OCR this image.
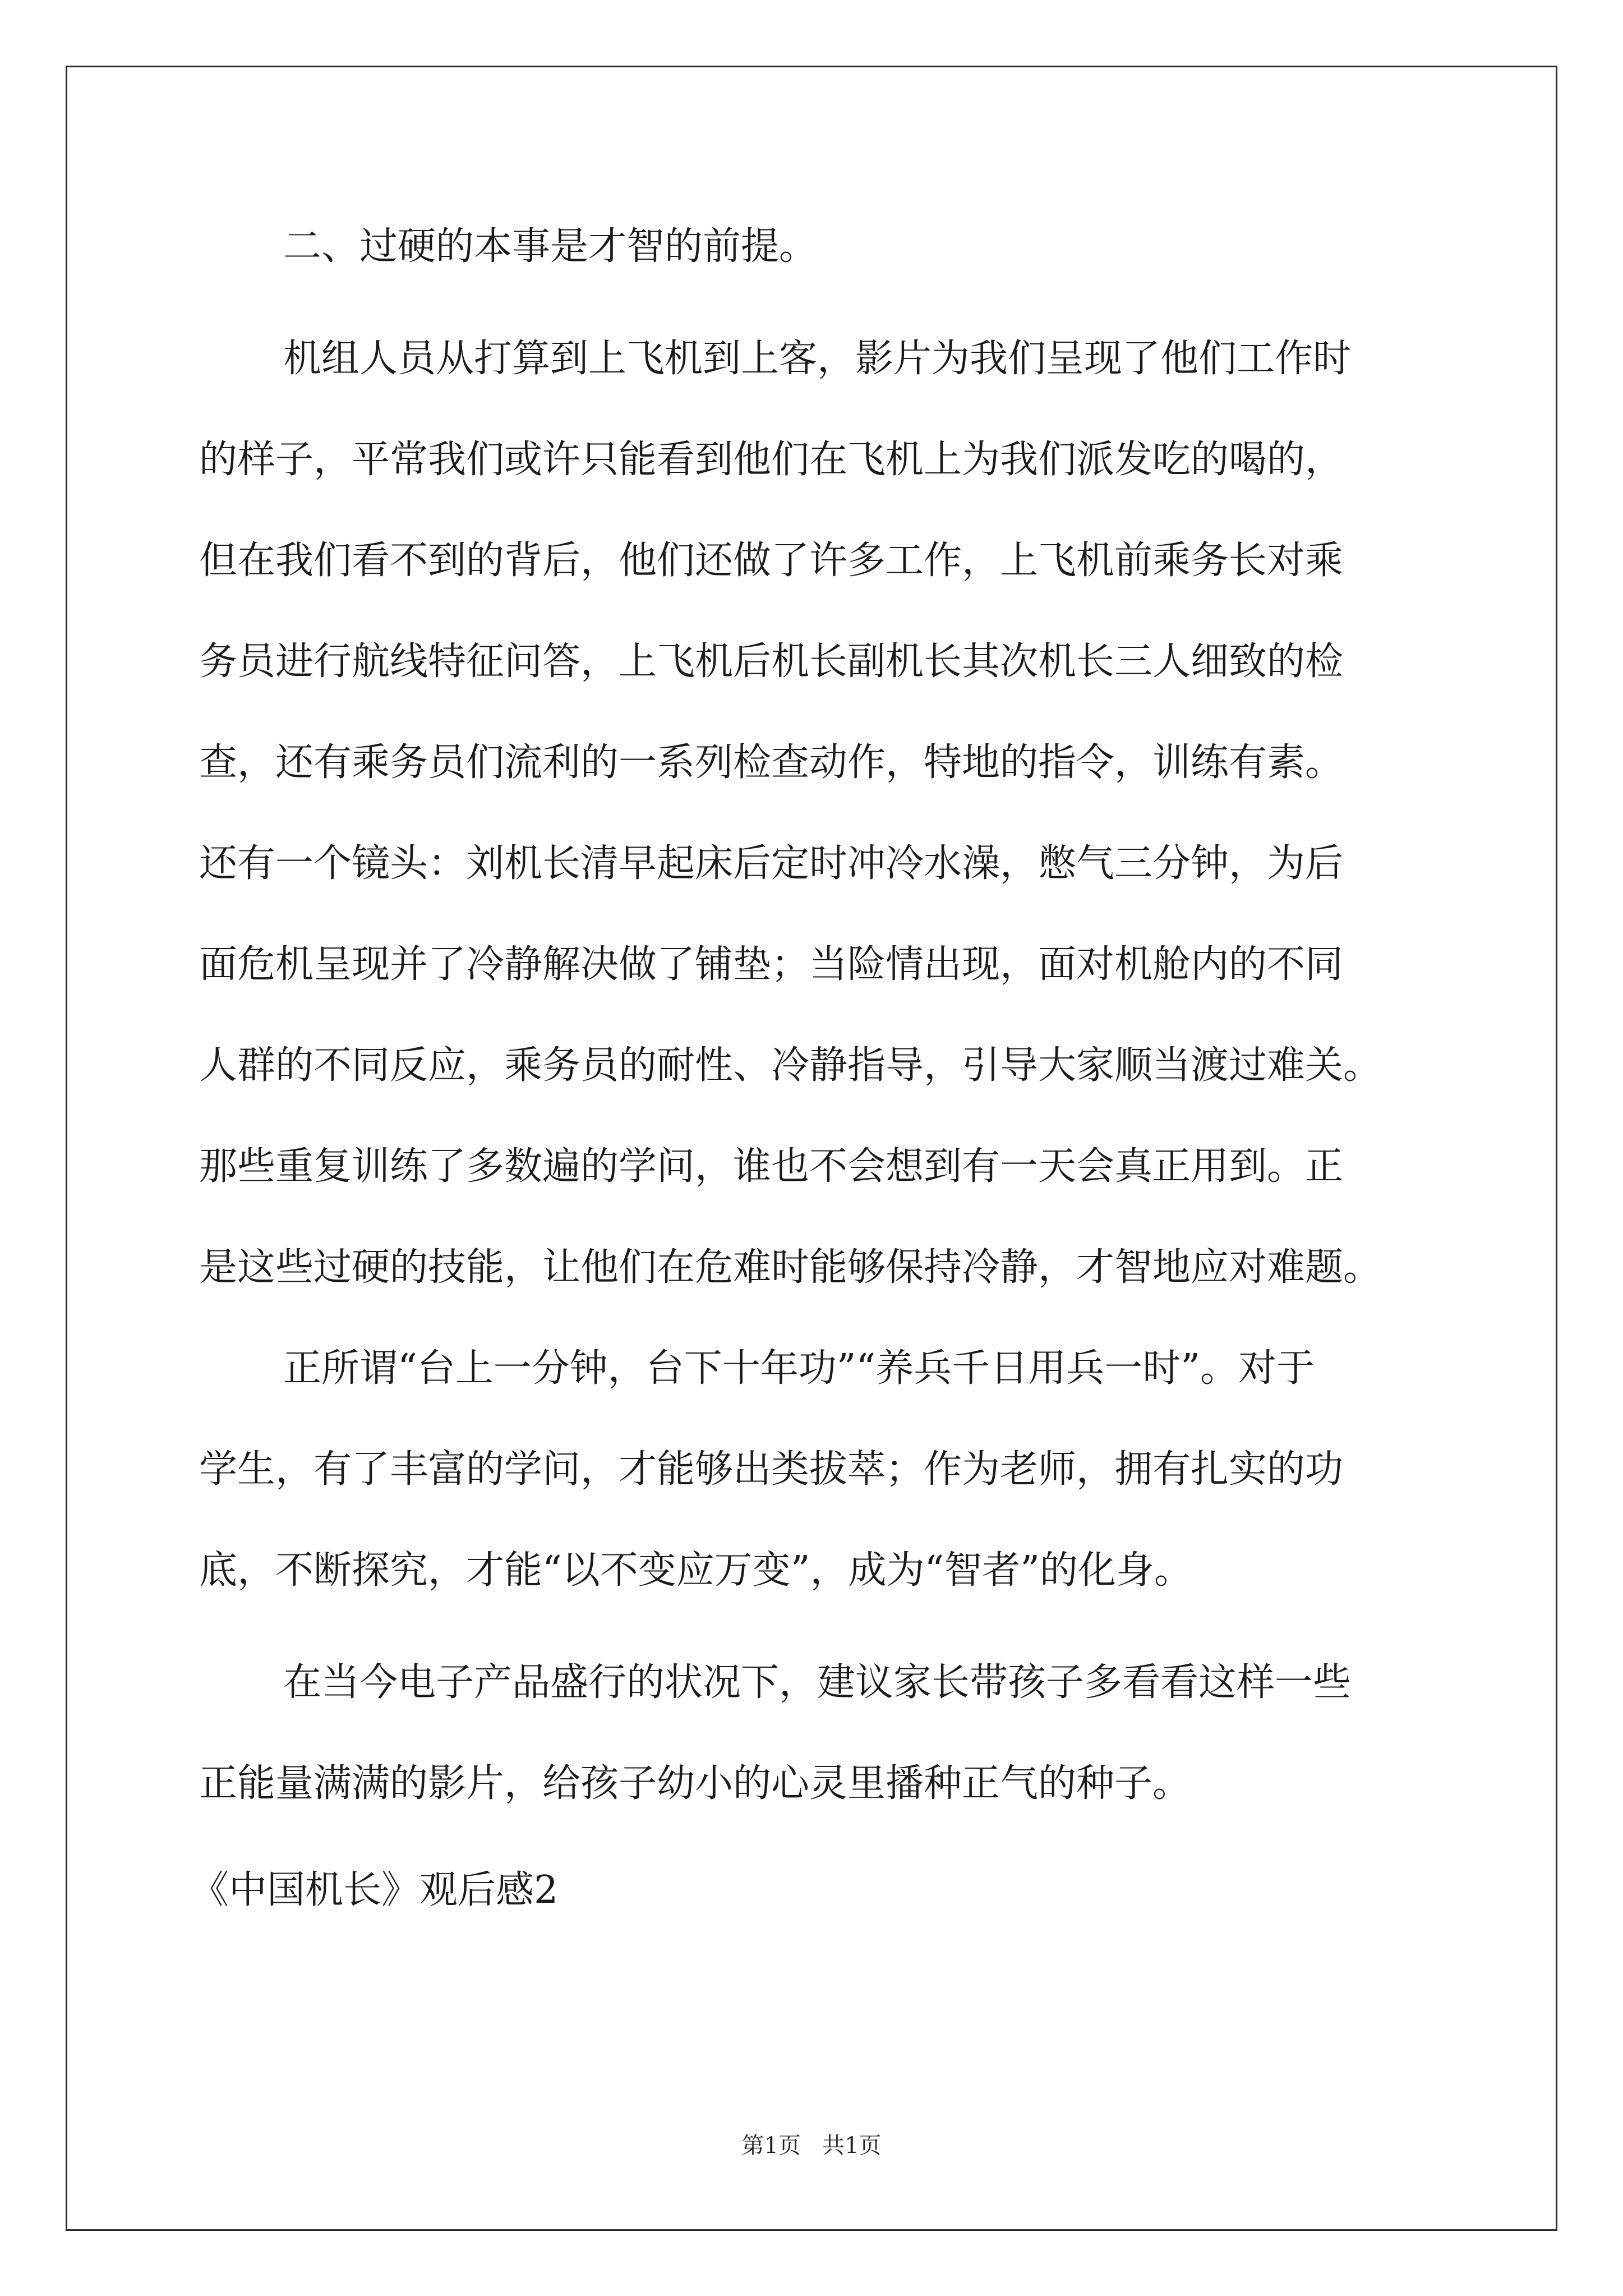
二、过硬的本事是才智的前提。
机组人员从打算到上飞机到上客，影片为我们呈现了他们工作时
的样子，平常我们或许只能看到他们在飞机上为我们派发吃的喝的，
但在我们看不到的背后，他们还做了许多工作，上飞机前乘务长对乘
务员进行航线特征问答，上飞机后机长副机长其次机长三人细致的检
查，还有乘务员们流利的一系列检查动作，特地的指令，训练有素。
还有一个镜头：刘机长清早起床后定时冲冷水澡，憋气三分钟，为后
面危机呈现并了冷静解决做了铺垫；当险情出现，面对机舱内的不同
人群的不同反应，乘务员的耐性、冷静指导，引导大家顺当渡过难关。
那些重复训练了多数遍的学问，谁也不会想到有一天会真正用到。正
是这些过硬的技能，让他们在危难时能够保持冷静，才智地应对难题。
正所谓“台上一分钟，台下十年功”“养兵千日用兵一时”。对于
学生，有了丰富的学问，才能够出类拔萃；作为老师，拥有扎实的功
底，不断探究，才能“以不变应万变”，成为“智者”的化身。
在当今电子产品盛行的状况下，建议家长带孩子多看看这样一些
正能量满满的影片，给孩子幼小的心灵里播种正气的种子。
《中国机长》观后感2
第1页   共1页
